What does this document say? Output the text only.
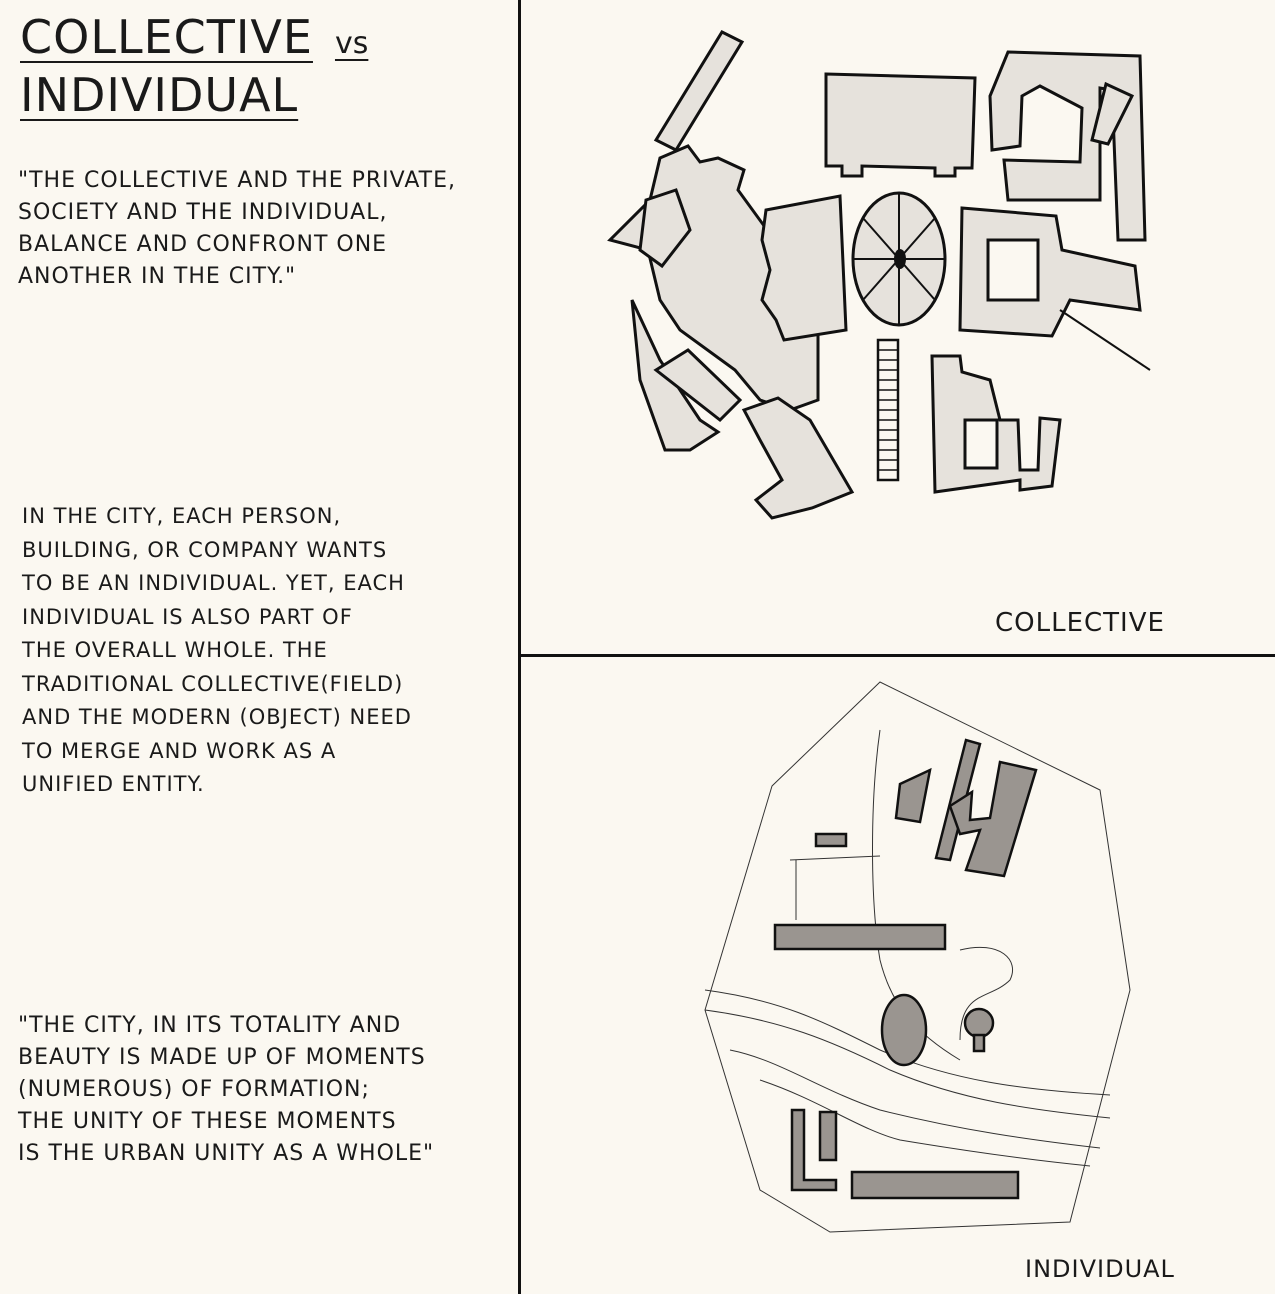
COLLECTIVE vs
INDIVIDUAL
"THE COLLECTIVE AND THE PRIVATE,
SOCIETY AND THE INDIVIDUAL,
BALANCE AND CONFRONT ONE
ANOTHER IN THE CITY."
IN THE CITY, EACH PERSON,
BUILDING, OR COMPANY WANTS
TO BE AN INDIVIDUAL. YET, EACH
INDIVIDUAL IS ALSO PART OF
THE OVERALL WHOLE. THE
TRADITIONAL COLLECTIVE(FIELD)
AND THE MODERN (OBJECT) NEED
TO MERGE AND WORK AS A
UNIFIED ENTITY.
"THE CITY, IN ITS TOTALITY AND
BEAUTY IS MADE UP OF MOMENTS
(NUMEROUS) OF FORMATION;
THE UNITY OF THESE MOMENTS
IS THE URBAN UNITY AS A WHOLE"
COLLECTIVE
INDIVIDUAL
